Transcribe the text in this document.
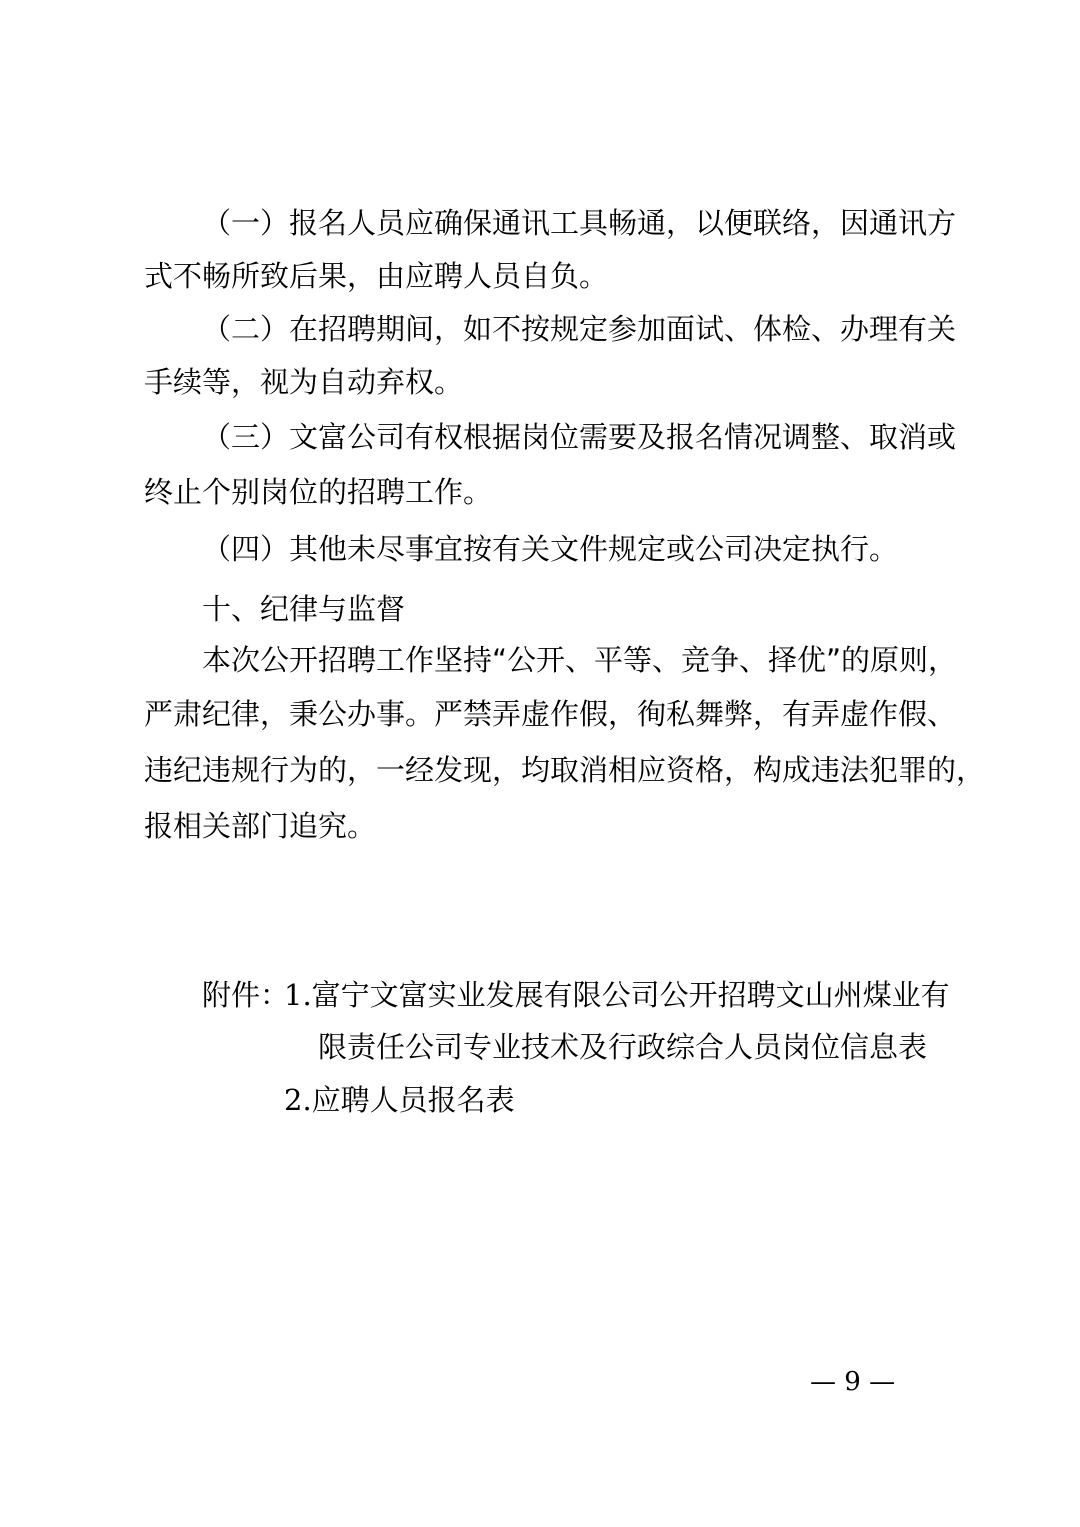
（一）报名人员应确保通讯工具畅通，以便联络，因通讯方
式不畅所致后果，由应聘人员自负。
（二）在招聘期间，如不按规定参加面试、体检、办理有关
手续等，视为自动弃权。
（三）文富公司有权根据岗位需要及报名情况调整、取消或
终止个别岗位的招聘工作。
（四）其他未尽事宜按有关文件规定或公司决定执行。
十、纪律与监督
本次公开招聘工作坚持“公开、平等、竞争、择优”的原则，
严肃纪律，秉公办事。严禁弄虚作假，徇私舞弊，有弄虚作假、
违纪违规行为的，一经发现，均取消相应资格，构成违法犯罪的，
报相关部门追究。
附件：
1.富宁文富实业发展有限公司公开招聘文山州煤业有
限责任公司专业技术及行政综合人员岗位信息表
2.应聘人员报名表
— 9 —
